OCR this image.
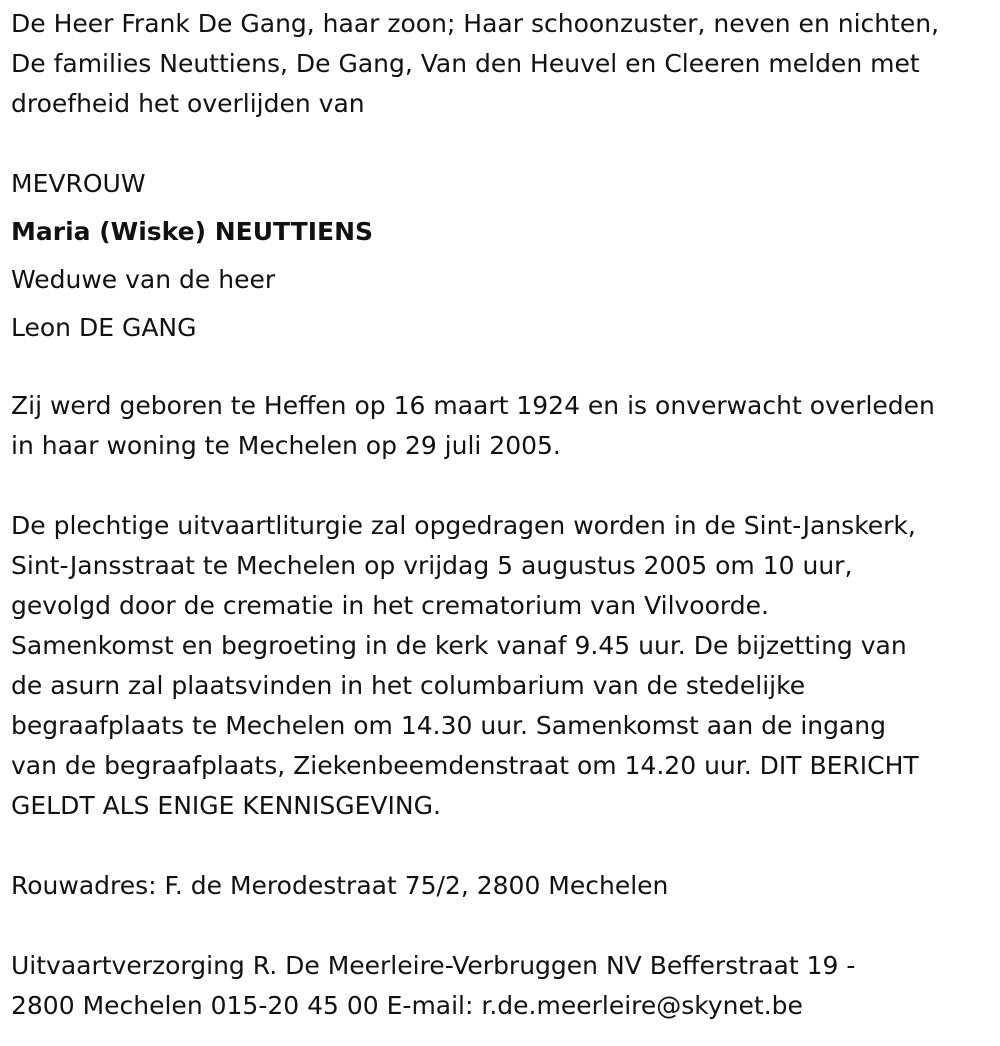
De Heer Frank De Gang, haar zoon; Haar schoonzuster, neven en nichten,
De families Neuttiens, De Gang, Van den Heuvel en Cleeren melden met
droefheid het overlijden van

MEVROUW
Maria (Wiske) NEUTTIENS
Weduwe van de heer
Leon DE GANG

Zij werd geboren te Heffen op 16 maart 1924 en is onverwacht overleden
in haar woning te Mechelen op 29 juli 2005.

De plechtige uitvaartliturgie zal opgedragen worden in de Sint-Janskerk,
Sint-Jansstraat te Mechelen op vrijdag 5 augustus 2005 om 10 uur,
gevolgd door de crematie in het crematorium van Vilvoorde.
Samenkomst en begroeting in de kerk vanaf 9.45 uur. De bijzetting van
de asurn zal plaatsvinden in het columbarium van de stedelijke
begraafplaats te Mechelen om 14.30 uur. Samenkomst aan de ingang
van de begraafplaats, Ziekenbeemdenstraat om 14.20 uur. DIT BERICHT
GELDT ALS ENIGE KENNISGEVING.

Rouwadres: F. de Merodestraat 75/2, 2800 Mechelen

Uitvaartverzorging R. De Meerleire-Verbruggen NV Befferstraat 19 -
2800 Mechelen 015-20 45 00 E-mail: r.de.meerleire@skynet.be
